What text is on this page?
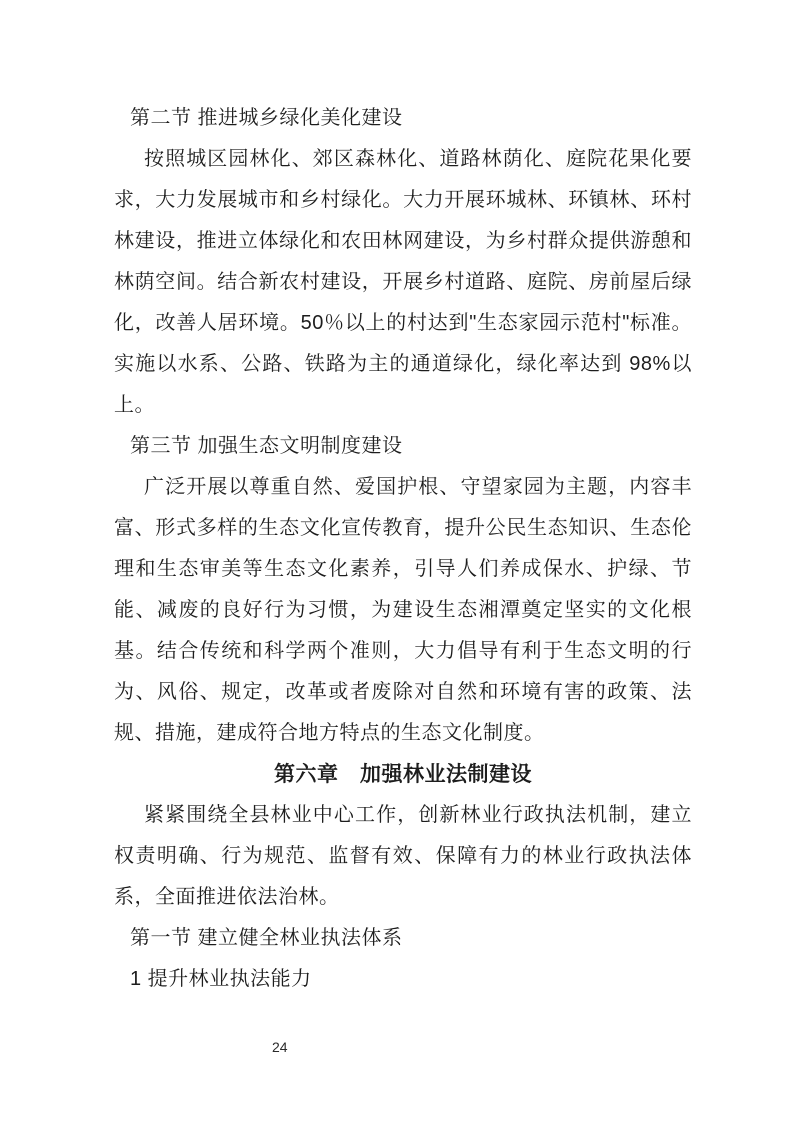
第二节 推进城乡绿化美化建设

按照城区园林化、郊区森林化、道路林荫化、庭院花果化要求，大力发展城市和乡村绿化。大力开展环城林、环镇林、环村林建设，推进立体绿化和农田林网建设，为乡村群众提供游憩和林荫空间。结合新农村建设，开展乡村道路、庭院、房前屋后绿化，改善人居环境。50％以上的村达到"生态家园示范村"标准。实施以水系、公路、铁路为主的通道绿化，绿化率达到 98%以上。

第三节 加强生态文明制度建设

广泛开展以尊重自然、爱国护根、守望家园为主题，内容丰富、形式多样的生态文化宣传教育，提升公民生态知识、生态伦理和生态审美等生态文化素养，引导人们养成保水、护绿、节能、减废的良好行为习惯，为建设生态湘潭奠定坚实的文化根基。结合传统和科学两个准则，大力倡导有利于生态文明的行为、风俗、规定，改革或者废除对自然和环境有害的政策、法规、措施，建成符合地方特点的生态文化制度。

第六章　加强林业法制建设

紧紧围绕全县林业中心工作，创新林业行政执法机制，建立权责明确、行为规范、监督有效、保障有力的林业行政执法体系，全面推进依法治林。

第一节 建立健全林业执法体系
1 提升林业执法能力
24
